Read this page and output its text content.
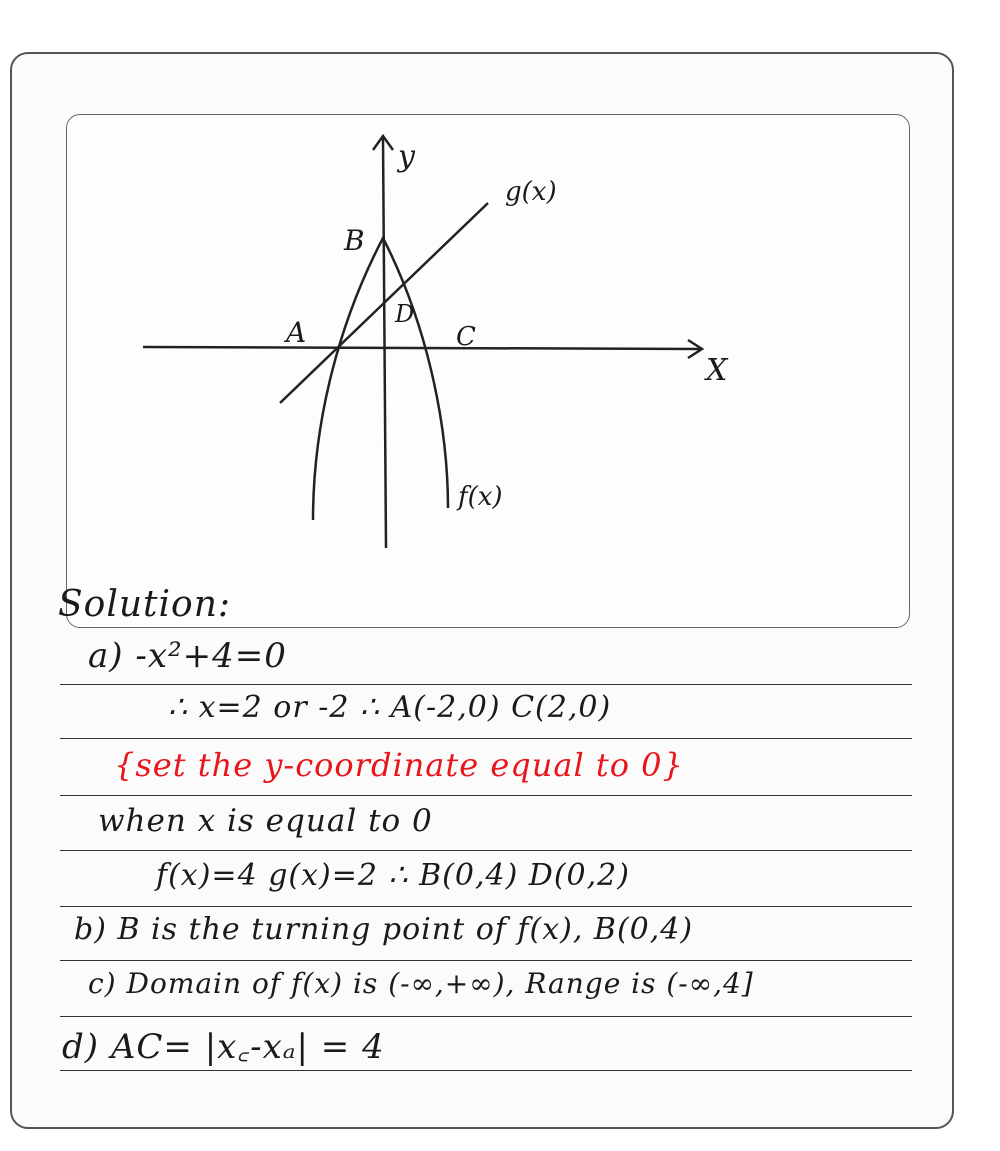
y
X
g(x)
f(x)
B
A
D
C
Solution:
a) -x²+4=0
∴ x=2 or -2 ∴ A(-2,0) C(2,0)
{set the y-coordinate equal to 0}
when x is equal to 0
f(x)=4 g(x)=2 ∴ B(0,4) D(0,2)
b) B is the turning point of f(x), B(0,4)
c) Domain of f(x) is (-∞,+∞), Range is (-∞,4]
d) AC= |x꜀-xₐ| = 4
